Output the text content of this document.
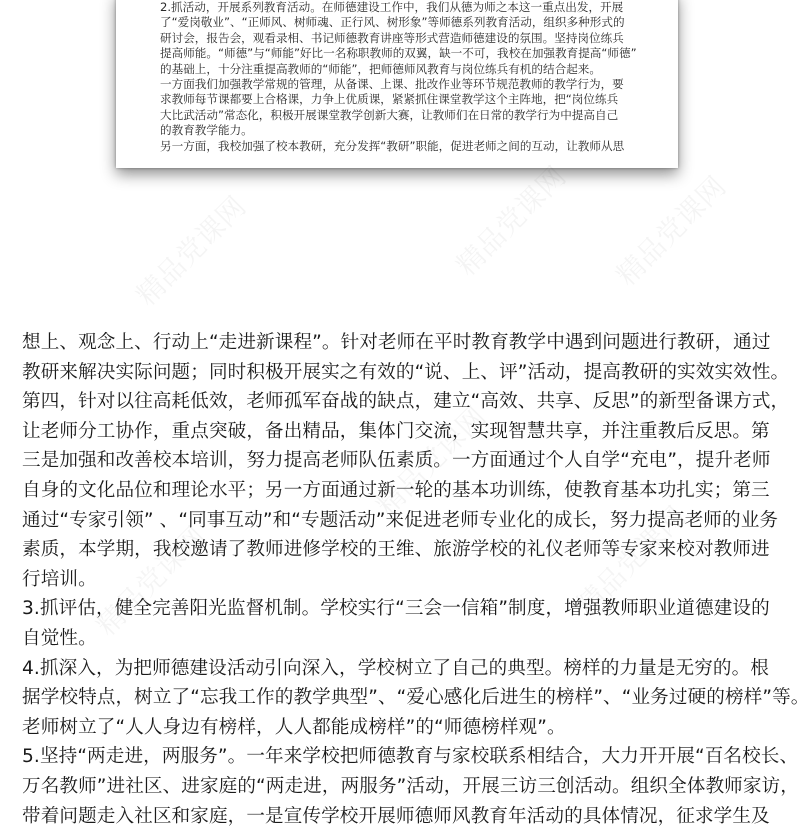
2.抓活动，开展系列教育活动。在师德建设工作中，我们从德为师之本这一重点出发，开展
了“爱岗敬业”、“正师风、树师魂、正行风、树形象”等师德系列教育活动，组织多种形式的
研讨会，报告会，观看录相、书记师德教育讲座等形式营造师德建设的氛围。坚持岗位练兵
提高师能。“师德”与“师能”好比一名称职教师的双翼，缺一不可，我校在加强教育提高“师德”
的基础上，十分注重提高教师的“师能”，把师德师风教育与岗位练兵有机的结合起来。
一方面我们加强教学常规的管理，从备课、上课、批改作业等环节规范教师的教学行为，要
求教师每节课都要上合格课，力争上优质课，紧紧抓住课堂教学这个主阵地，把“岗位练兵
大比武活动”常态化，积极开展课堂教学创新大赛，让教师们在日常的教学行为中提高自己
的教育教学能力。
另一方面，我校加强了校本教研，充分发挥“教研”职能，促进老师之间的互动，让教师从思
想上、观念上、行动上“走进新课程”。针对老师在平时教育教学中遇到问题进行教研，通过
教研来解决实际问题；同时积极开展实之有效的“说、上、评”活动，提高教研的实效实效性。
第四，针对以往高耗低效，老师孤军奋战的缺点，建立“高效、共享、反思”的新型备课方式，
让老师分工协作，重点突破，备出精品，集体门交流，实现智慧共享，并注重教后反思。第
三是加强和改善校本培训，努力提高老师队伍素质。一方面通过个人自学“充电”，提升老师
自身的文化品位和理论水平；另一方面通过新一轮的基本功训练，使教育基本功扎实；第三
通过“专家引领” 、“同事互动”和“专题活动”来促进老师专业化的成长，努力提高老师的业务
素质，本学期，我校邀请了教师进修学校的王维、旅游学校的礼仪老师等专家来校对教师进
行培训。
3.抓评估，健全完善阳光监督机制。学校实行“三会一信箱”制度，增强教师职业道德建设的
自觉性。
4.抓深入，为把师德建设活动引向深入，学校树立了自己的典型。榜样的力量是无穷的。根
据学校特点，树立了“忘我工作的教学典型”、“爱心感化后进生的榜样”、“业务过硬的榜样”等。
老师树立了“人人身边有榜样，人人都能成榜样”的“师德榜样观”。
5.坚持“两走进，两服务”。一年来学校把师德教育与家校联系相结合，大力开开展“百名校长、
万名教师”进社区、进家庭的“两走进，两服务”活动，开展三访三创活动。组织全体教师家访，
带着问题走入社区和家庭，一是宣传学校开展师德师风教育年活动的具体情况，征求学生及
